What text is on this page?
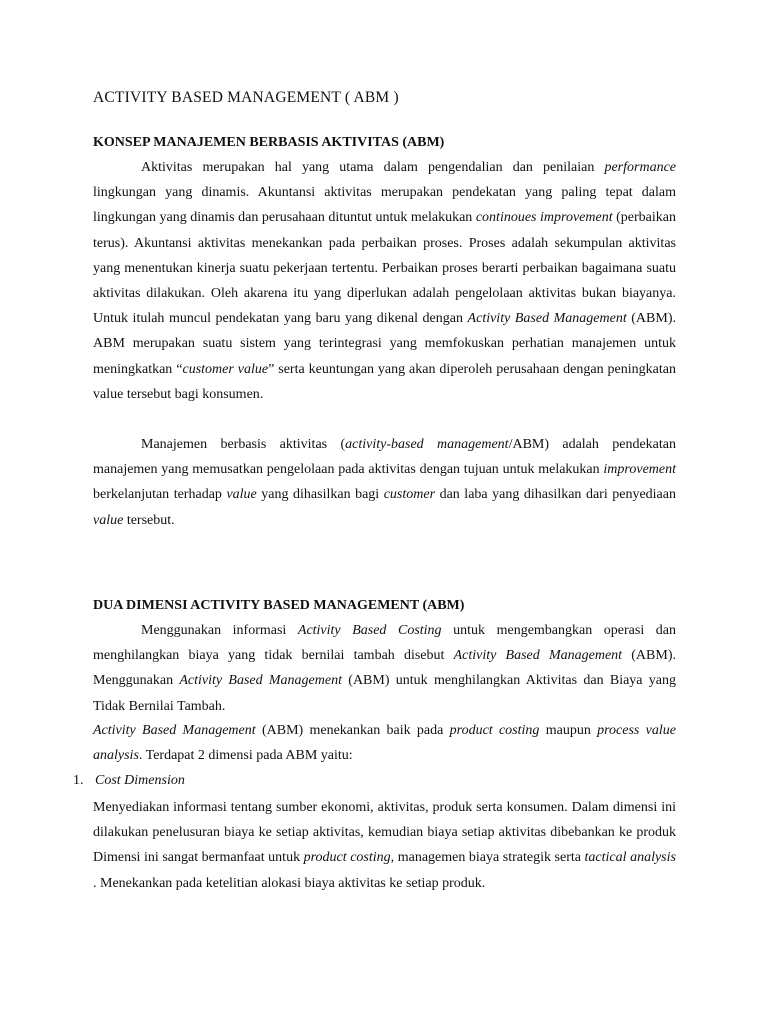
ACTIVITY BASED MANAGEMENT ( ABM )
KONSEP MANAJEMEN BERBASIS AKTIVITAS (ABM)

Aktivitas merupakan hal yang utama dalam pengendalian dan penilaian performance lingkungan yang dinamis. Akuntansi aktivitas merupakan pendekatan yang paling tepat dalam lingkungan yang dinamis dan perusahaan dituntut untuk melakukan continoues improvement (perbaikan terus). Akuntansi aktivitas menekankan pada perbaikan proses. Proses adalah sekumpulan aktivitas yang menentukan kinerja suatu pekerjaan tertentu. Perbaikan proses berarti perbaikan bagaimana suatu aktivitas dilakukan. Oleh akarena itu yang diperlukan adalah pengelolaan aktivitas bukan biayanya. Untuk itulah muncul pendekatan yang baru yang dikenal dengan Activity Based Management (ABM). ABM merupakan suatu sistem yang terintegrasi yang memfokuskan perhatian manajemen untuk meningkatkan “customer value” serta keuntungan yang akan diperoleh perusahaan dengan peningkatan value tersebut bagi konsumen.

Manajemen berbasis aktivitas (activity-based management/ABM) adalah pendekatan manajemen yang memusatkan pengelolaan pada aktivitas dengan tujuan untuk melakukan improvement berkelanjutan terhadap value yang dihasilkan bagi customer dan laba yang dihasilkan dari penyediaan value tersebut.

DUA DIMENSI ACTIVITY BASED MANAGEMENT (ABM)

Menggunakan informasi Activity Based Costing untuk mengembangkan operasi dan menghilangkan biaya yang tidak bernilai tambah disebut Activity Based Management (ABM). Menggunakan Activity Based Management (ABM) untuk menghilangkan Aktivitas dan Biaya yang Tidak Bernilai Tambah.

Activity Based Management (ABM) menekankan baik pada product costing maupun process value analysis. Terdapat 2 dimensi pada ABM yaitu:

1. Cost Dimension

Menyediakan informasi tentang sumber ekonomi, aktivitas, produk serta konsumen. Dalam dimensi ini dilakukan penelusuran biaya ke setiap aktivitas, kemudian biaya setiap aktivitas dibebankan ke produk Dimensi ini sangat bermanfaat untuk product costing, managemen biaya strategik serta tactical analysis . Menekankan pada ketelitian alokasi biaya aktivitas ke setiap produk.
